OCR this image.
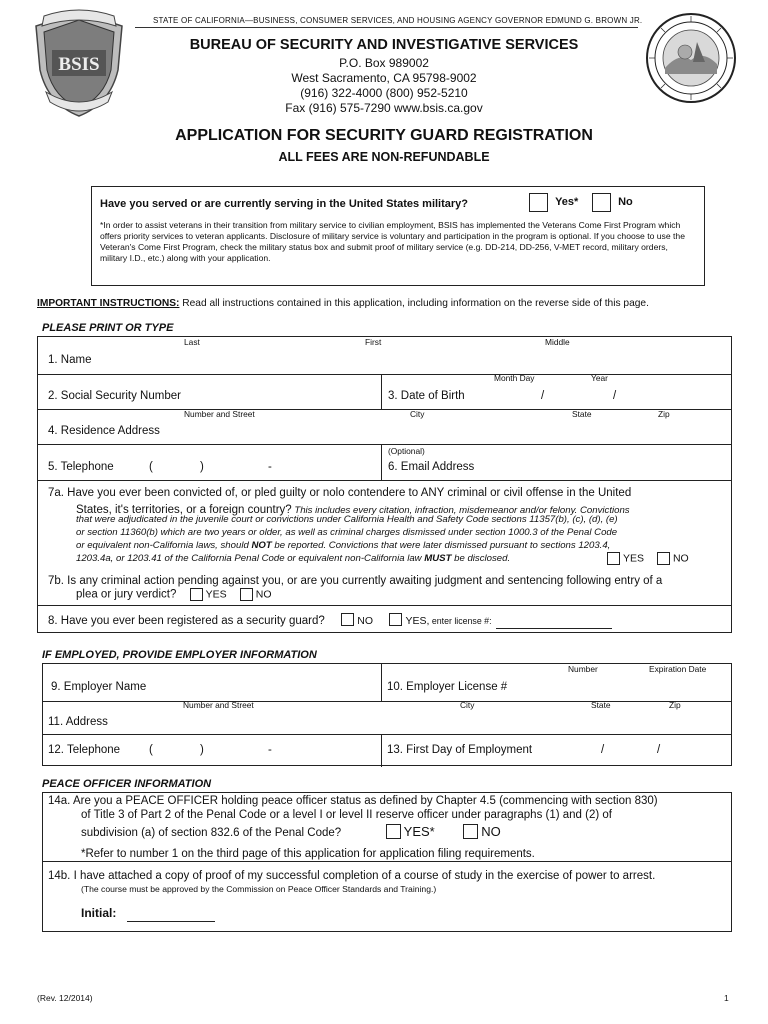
STATE OF CALIFORNIA—BUSINESS, CONSUMER SERVICES, AND HOUSING AGENCY GOVERNOR EDMUND G. BROWN JR.
BSIS
BUREAU OF SECURITY AND INVESTIGATIVE SERVICES
P.O. Box 989002
West Sacramento, CA 95798-9002
(916) 322-4000 (800) 952-5210
Fax (916) 575-7290 www.bsis.ca.gov
APPLICATION FOR SECURITY GUARD REGISTRATION
ALL FEES ARE NON-REFUNDABLE
Have you served or are currently serving in the United States military?	Yes*	No
*In order to assist veterans in their transition from military service to civilian employment, BSIS has implemented the Veterans Come First Program which offers priority services to veteran applicants. Disclosure of military service is voluntary and participation in the program is optional. If you choose to use the Veteran's Come First Program, check the military status box and submit proof of military service (e.g. DD-214, DD-256, V-MET record, military orders, military I.D., etc.) along with your application.
IMPORTANT INSTRUCTIONS: Read all instructions contained in this application, including information on the reverse side of this page.
PLEASE PRINT OR TYPE
Last	First	Middle
1. Name
Month Day	Year
2. Social Security Number	3. Date of Birth	/	/
Number and Street	City	State	Zip
4. Residence Address
(Optional)
5. Telephone	(	)	-	6. Email Address
7a. Have you ever been convicted of, or pled guilty or nolo contendere to ANY criminal or civil offense in the United
States, it's territories, or a foreign country? This includes every citation, infraction, misdemeanor and/or felony. Convictions
that were adjudicated in the juvenile court or convictions under California Health and Safety Code sections 11357(b), (c), (d), (e)
or section 11360(b) which are two years or older, as well as criminal charges dismissed under section 1000.3 of the Penal Code
or equivalent non-California laws, should NOT be reported. Convictions that were later dismissed pursuant to sections 1203.4,
1203.4a, or 1203.41 of the California Penal Code or equivalent non-California law MUST be disclosed.	YES	NO
7b. Is any criminal action pending against you, or are you currently awaiting judgment and sentencing following entry of a
plea or jury verdict?	YES	NO
8. Have you ever been registered as a security guard?	NO	YES, enter license #:
IF EMPLOYED, PROVIDE EMPLOYER INFORMATION
Number	Expiration Date
9. Employer Name	10. Employer License #
Number and Street	City	State	Zip
11. Address
12. Telephone	(	)	-	13. First Day of Employment	/	/
PEACE OFFICER INFORMATION
14a. Are you a PEACE OFFICER holding peace officer status as defined by Chapter 4.5 (commencing with section 830)
of Title 3 of Part 2 of the Penal Code or a level I or level II reserve officer under paragraphs (1) and (2) of
subdivision (a) of section 832.6 of the Penal Code?	YES*	NO
*Refer to number 1 on the third page of this application for application filing requirements.
14b. I have attached a copy of proof of my successful completion of a course of study in the exercise of power to arrest.
(The course must be approved by the Commission on Peace Officer Standards and Training.)
Initial:
(Rev. 12/2014)	1
